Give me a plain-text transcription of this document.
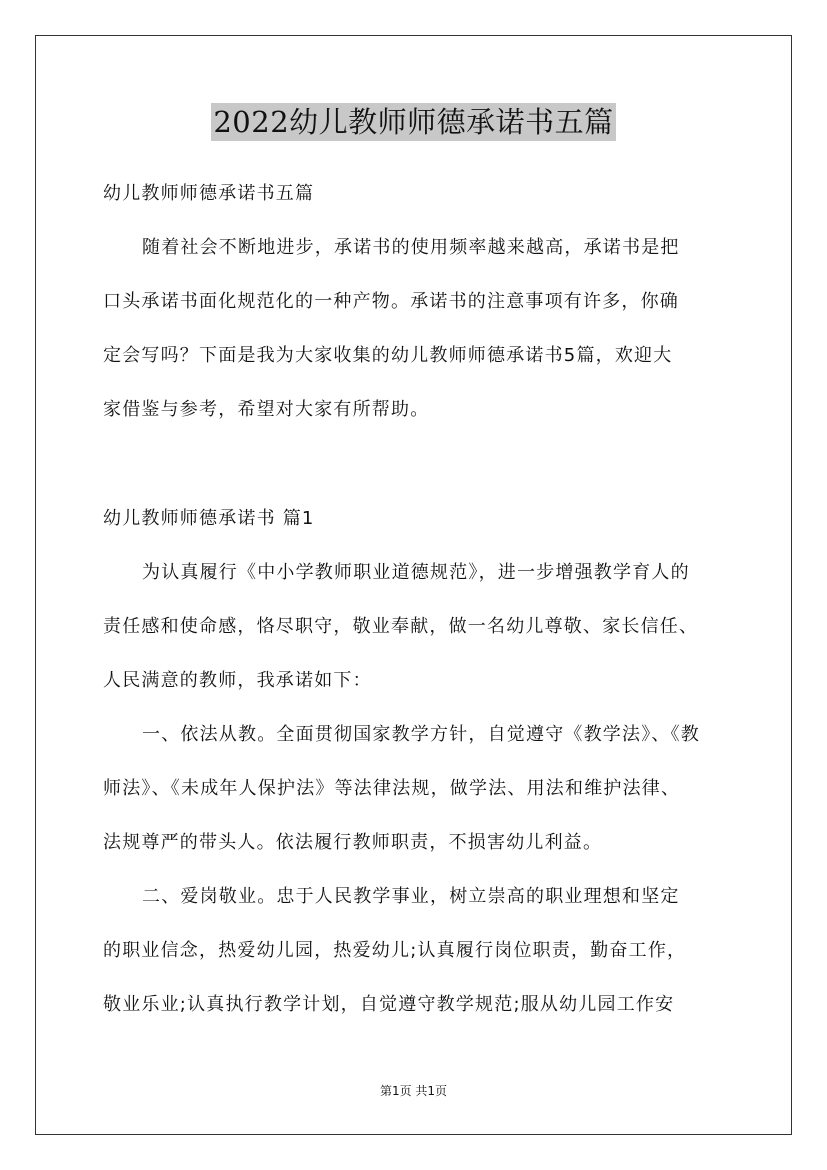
2022幼儿教师师德承诺书五篇
幼儿教师师德承诺书五篇
随着社会不断地进步，承诺书的使用频率越来越高，承诺书是把
口头承诺书面化规范化的一种产物。承诺书的注意事项有许多，你确
定会写吗？下面是我为大家收集的幼儿教师师德承诺书5篇，欢迎大
家借鉴与参考，希望对大家有所帮助。
幼儿教师师德承诺书 篇1
为认真履行《中小学教师职业道德规范》，进一步增强教学育人的
责任感和使命感，恪尽职守，敬业奉献，做一名幼儿尊敬、家长信任、
人民满意的教师，我承诺如下：
一、依法从教。全面贯彻国家教学方针，自觉遵守《教学法》、《教
师法》、《未成年人保护法》等法律法规，做学法、用法和维护法律、
法规尊严的带头人。依法履行教师职责，不损害幼儿利益。
二、爱岗敬业。忠于人民教学事业，树立崇高的职业理想和坚定
的职业信念，热爱幼儿园，热爱幼儿;认真履行岗位职责，勤奋工作，
敬业乐业;认真执行教学计划，自觉遵守教学规范;服从幼儿园工作安
第1页 共1页
